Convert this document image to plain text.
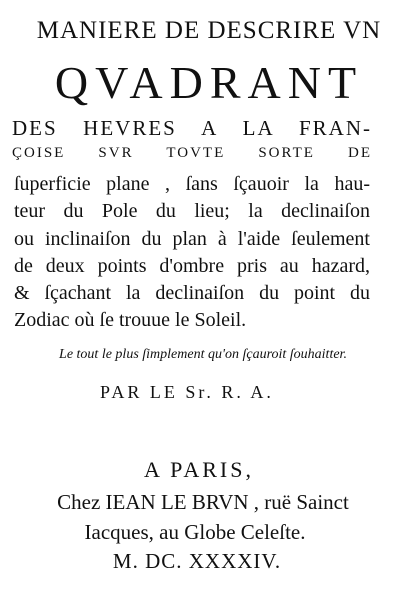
MANIERE DE DESCRIRE VN
QVADRANT
DES HEVRES A LA FRAN-
ÇOISE SVR TOVTE SORTE DE
ſuperficie plane , ſans ſçauoir la hau-
teur du Pole du lieu; la declinaiſon
ou inclinaiſon du plan à l'aide ſeulement
de deux points d'ombre pris au hazard,
& ſçachant la declinaiſon du point du
Zodiac où ſe trouue le Soleil.
Le tout le plus ſimplement qu'on ſçauroit ſouhaitter.
PAR LE Sr. R. A.
A PARIS,
Chez IEAN LE BRVN , ruë Sainct
Iacques, au Globe Celeſte.
M. DC. XXXXIV.
